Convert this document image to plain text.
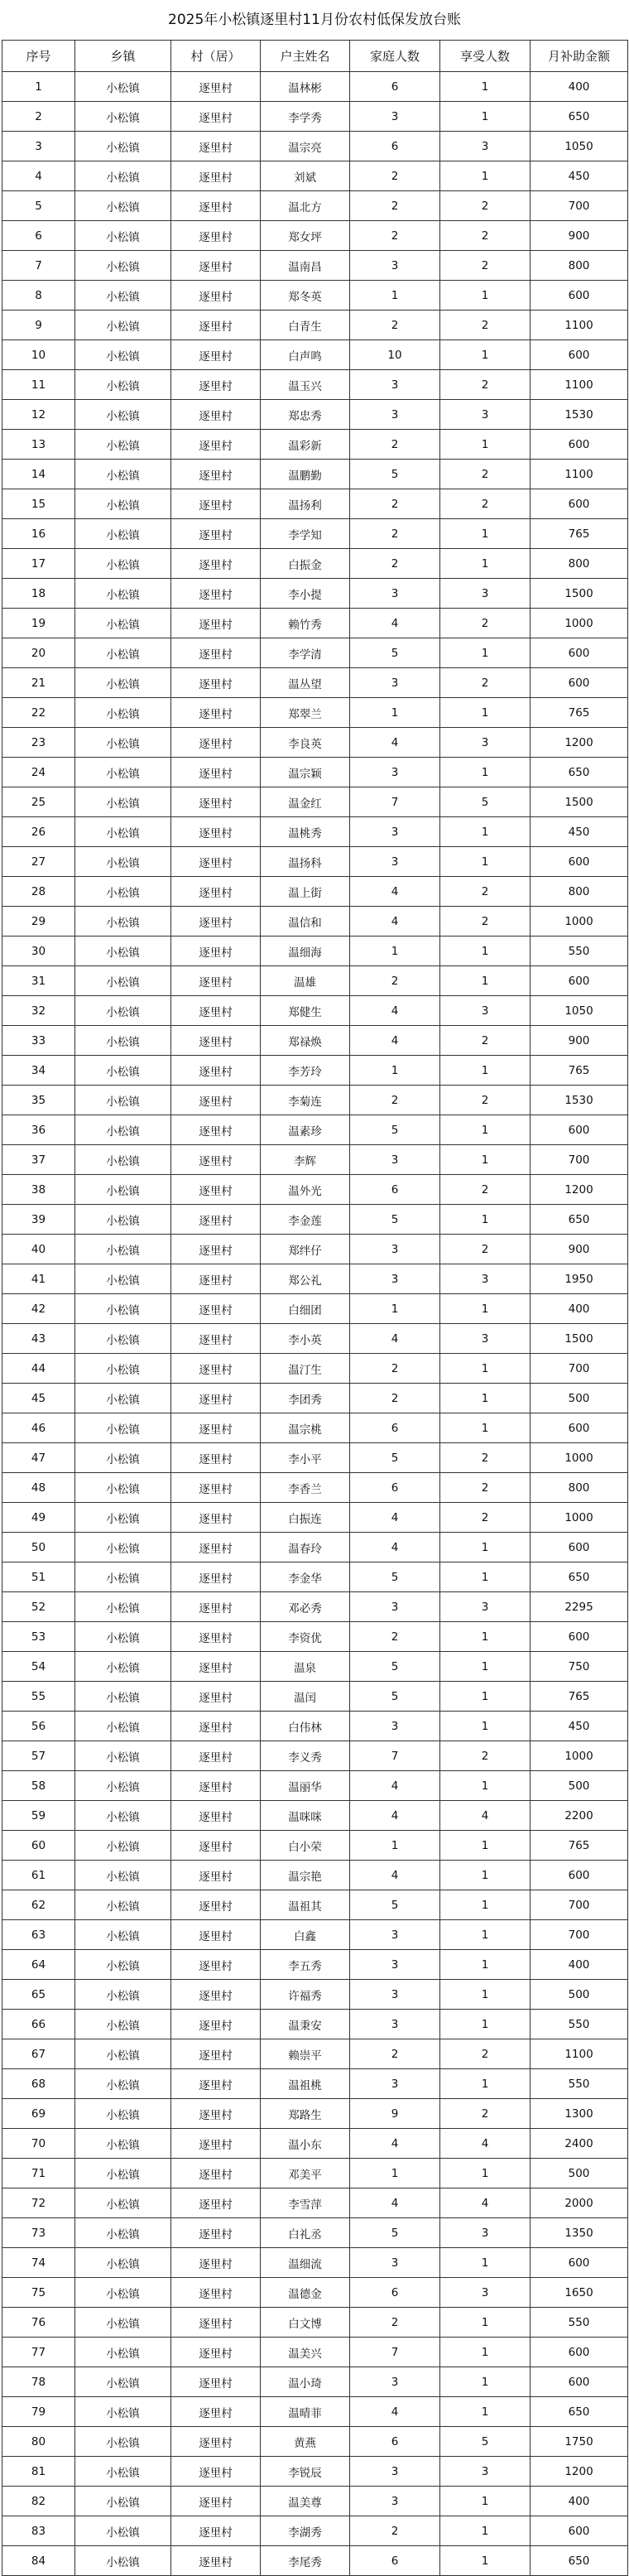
2025年小松镇逐里村11月份农村低保发放台账
序号	乡镇	村（居）	户主姓名	家庭人数	享受人数	月补助金额
1	小松镇	逐里村	温林彬	6	1	400
2	小松镇	逐里村	李学秀	3	1	650
3	小松镇	逐里村	温宗亮	6	3	1050
4	小松镇	逐里村	刘斌	2	1	450
5	小松镇	逐里村	温北方	2	2	700
6	小松镇	逐里村	郑女坪	2	2	900
7	小松镇	逐里村	温南昌	3	2	800
8	小松镇	逐里村	郑冬英	1	1	600
9	小松镇	逐里村	白青生	2	2	1100
10	小松镇	逐里村	白声鸣	10	1	600
11	小松镇	逐里村	温玉兴	3	2	1100
12	小松镇	逐里村	郑忠秀	3	3	1530
13	小松镇	逐里村	温彩新	2	1	600
14	小松镇	逐里村	温鹏勤	5	2	1100
15	小松镇	逐里村	温扬利	2	2	600
16	小松镇	逐里村	李学知	2	1	765
17	小松镇	逐里村	白振金	2	1	800
18	小松镇	逐里村	李小提	3	3	1500
19	小松镇	逐里村	赖竹秀	4	2	1000
20	小松镇	逐里村	李学清	5	1	600
21	小松镇	逐里村	温丛望	3	2	600
22	小松镇	逐里村	郑翠兰	1	1	765
23	小松镇	逐里村	李良英	4	3	1200
24	小松镇	逐里村	温宗颖	3	1	650
25	小松镇	逐里村	温金红	7	5	1500
26	小松镇	逐里村	温桃秀	3	1	450
27	小松镇	逐里村	温扬科	3	1	600
28	小松镇	逐里村	温上街	4	2	800
29	小松镇	逐里村	温信和	4	2	1000
30	小松镇	逐里村	温细海	1	1	550
31	小松镇	逐里村	温雄	2	1	600
32	小松镇	逐里村	郑健生	4	3	1050
33	小松镇	逐里村	郑禄焕	4	2	900
34	小松镇	逐里村	李芳玲	1	1	765
35	小松镇	逐里村	李菊连	2	2	1530
36	小松镇	逐里村	温素珍	5	1	600
37	小松镇	逐里村	李辉	3	1	700
38	小松镇	逐里村	温外光	6	2	1200
39	小松镇	逐里村	李金莲	5	1	650
40	小松镇	逐里村	郑绊仔	3	2	900
41	小松镇	逐里村	郑公礼	3	3	1950
42	小松镇	逐里村	白细团	1	1	400
43	小松镇	逐里村	李小英	4	3	1500
44	小松镇	逐里村	温汀生	2	1	700
45	小松镇	逐里村	李团秀	2	1	500
46	小松镇	逐里村	温宗桃	6	1	600
47	小松镇	逐里村	李小平	5	2	1000
48	小松镇	逐里村	李香兰	6	2	800
49	小松镇	逐里村	白振连	4	2	1000
50	小松镇	逐里村	温春玲	4	1	600
51	小松镇	逐里村	李金华	5	1	650
52	小松镇	逐里村	邓必秀	3	3	2295
53	小松镇	逐里村	李资优	2	1	600
54	小松镇	逐里村	温泉	5	1	750
55	小松镇	逐里村	温闰	5	1	765
56	小松镇	逐里村	白伟林	3	1	450
57	小松镇	逐里村	李义秀	7	2	1000
58	小松镇	逐里村	温丽华	4	1	500
59	小松镇	逐里村	温咪咪	4	4	2200
60	小松镇	逐里村	白小荣	1	1	765
61	小松镇	逐里村	温宗艳	4	1	600
62	小松镇	逐里村	温祖其	5	1	700
63	小松镇	逐里村	白鑫	3	1	700
64	小松镇	逐里村	李五秀	3	1	400
65	小松镇	逐里村	许福秀	3	1	500
66	小松镇	逐里村	温秉安	3	1	550
67	小松镇	逐里村	赖崇平	2	2	1100
68	小松镇	逐里村	温祖桃	3	1	550
69	小松镇	逐里村	郑路生	9	2	1300
70	小松镇	逐里村	温小东	4	4	2400
71	小松镇	逐里村	邓美平	1	1	500
72	小松镇	逐里村	李雪萍	4	4	2000
73	小松镇	逐里村	白礼丞	5	3	1350
74	小松镇	逐里村	温细流	3	1	600
75	小松镇	逐里村	温德金	6	3	1650
76	小松镇	逐里村	白文博	2	1	550
77	小松镇	逐里村	温美兴	7	1	600
78	小松镇	逐里村	温小琦	3	1	600
79	小松镇	逐里村	温晴菲	4	1	650
80	小松镇	逐里村	黄燕	6	5	1750
81	小松镇	逐里村	李锐辰	3	3	1200
82	小松镇	逐里村	温美尊	3	1	400
83	小松镇	逐里村	李湖秀	2	1	600
84	小松镇	逐里村	李尾秀	6	1	650
